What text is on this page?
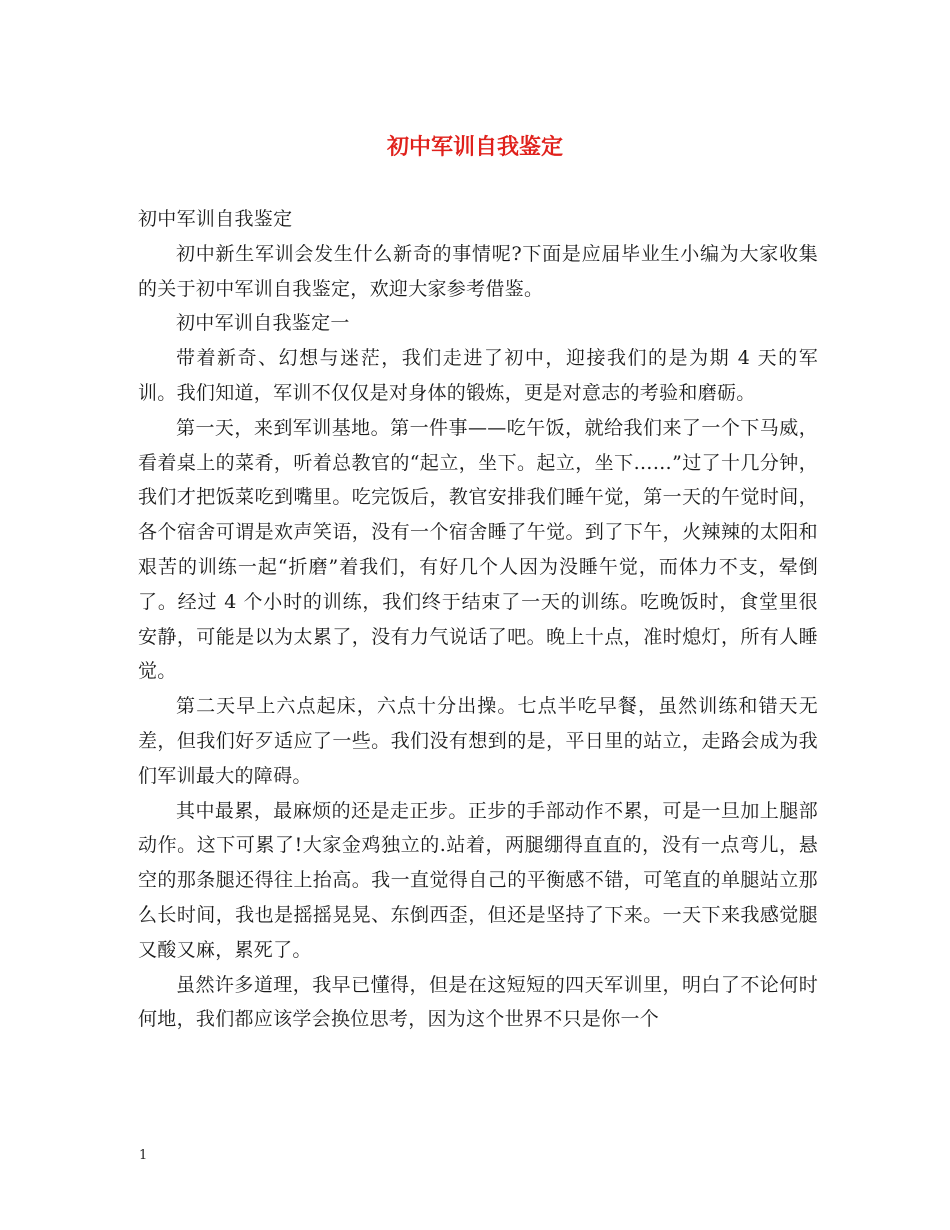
初中军训自我鉴定

初中军训自我鉴定

初中新生军训会发生什么新奇的事情呢?下面是应届毕业生小编为大家收集的关于初中军训自我鉴定，欢迎大家参考借鉴。

初中军训自我鉴定一

带着新奇、幻想与迷茫，我们走进了初中，迎接我们的是为期 4 天的军训。我们知道，军训不仅仅是对身体的锻炼，更是对意志的考验和磨砺。

第一天，来到军训基地。第一件事——吃午饭，就给我们来了一个下马威，看着桌上的菜肴，听着总教官的“起立，坐下。起立，坐下……”过了十几分钟，我们才把饭菜吃到嘴里。吃完饭后，教官安排我们睡午觉，第一天的午觉时间，各个宿舍可谓是欢声笑语，没有一个宿舍睡了午觉。到了下午，火辣辣的太阳和艰苦的训练一起“折磨”着我们，有好几个人因为没睡午觉，而体力不支，晕倒了。经过 4 个小时的训练，我们终于结束了一天的训练。吃晚饭时，食堂里很安静，可能是以为太累了，没有力气说话了吧。晚上十点，准时熄灯，所有人睡觉。

第二天早上六点起床，六点十分出操。七点半吃早餐，虽然训练和错天无差，但我们好歹适应了一些。我们没有想到的是，平日里的站立，走路会成为我们军训最大的障碍。

其中最累，最麻烦的还是走正步。正步的手部动作不累，可是一旦加上腿部动作。这下可累了!大家金鸡独立的.站着，两腿绷得直直的，没有一点弯儿，悬空的那条腿还得往上抬高。我一直觉得自己的平衡感不错，可笔直的单腿站立那么长时间，我也是摇摇晃晃、东倒西歪，但还是坚持了下来。一天下来我感觉腿又酸又麻，累死了。

虽然许多道理，我早已懂得，但是在这短短的四天军训里，明白了不论何时何地，我们都应该学会换位思考，因为这个世界不只是你一个

1
